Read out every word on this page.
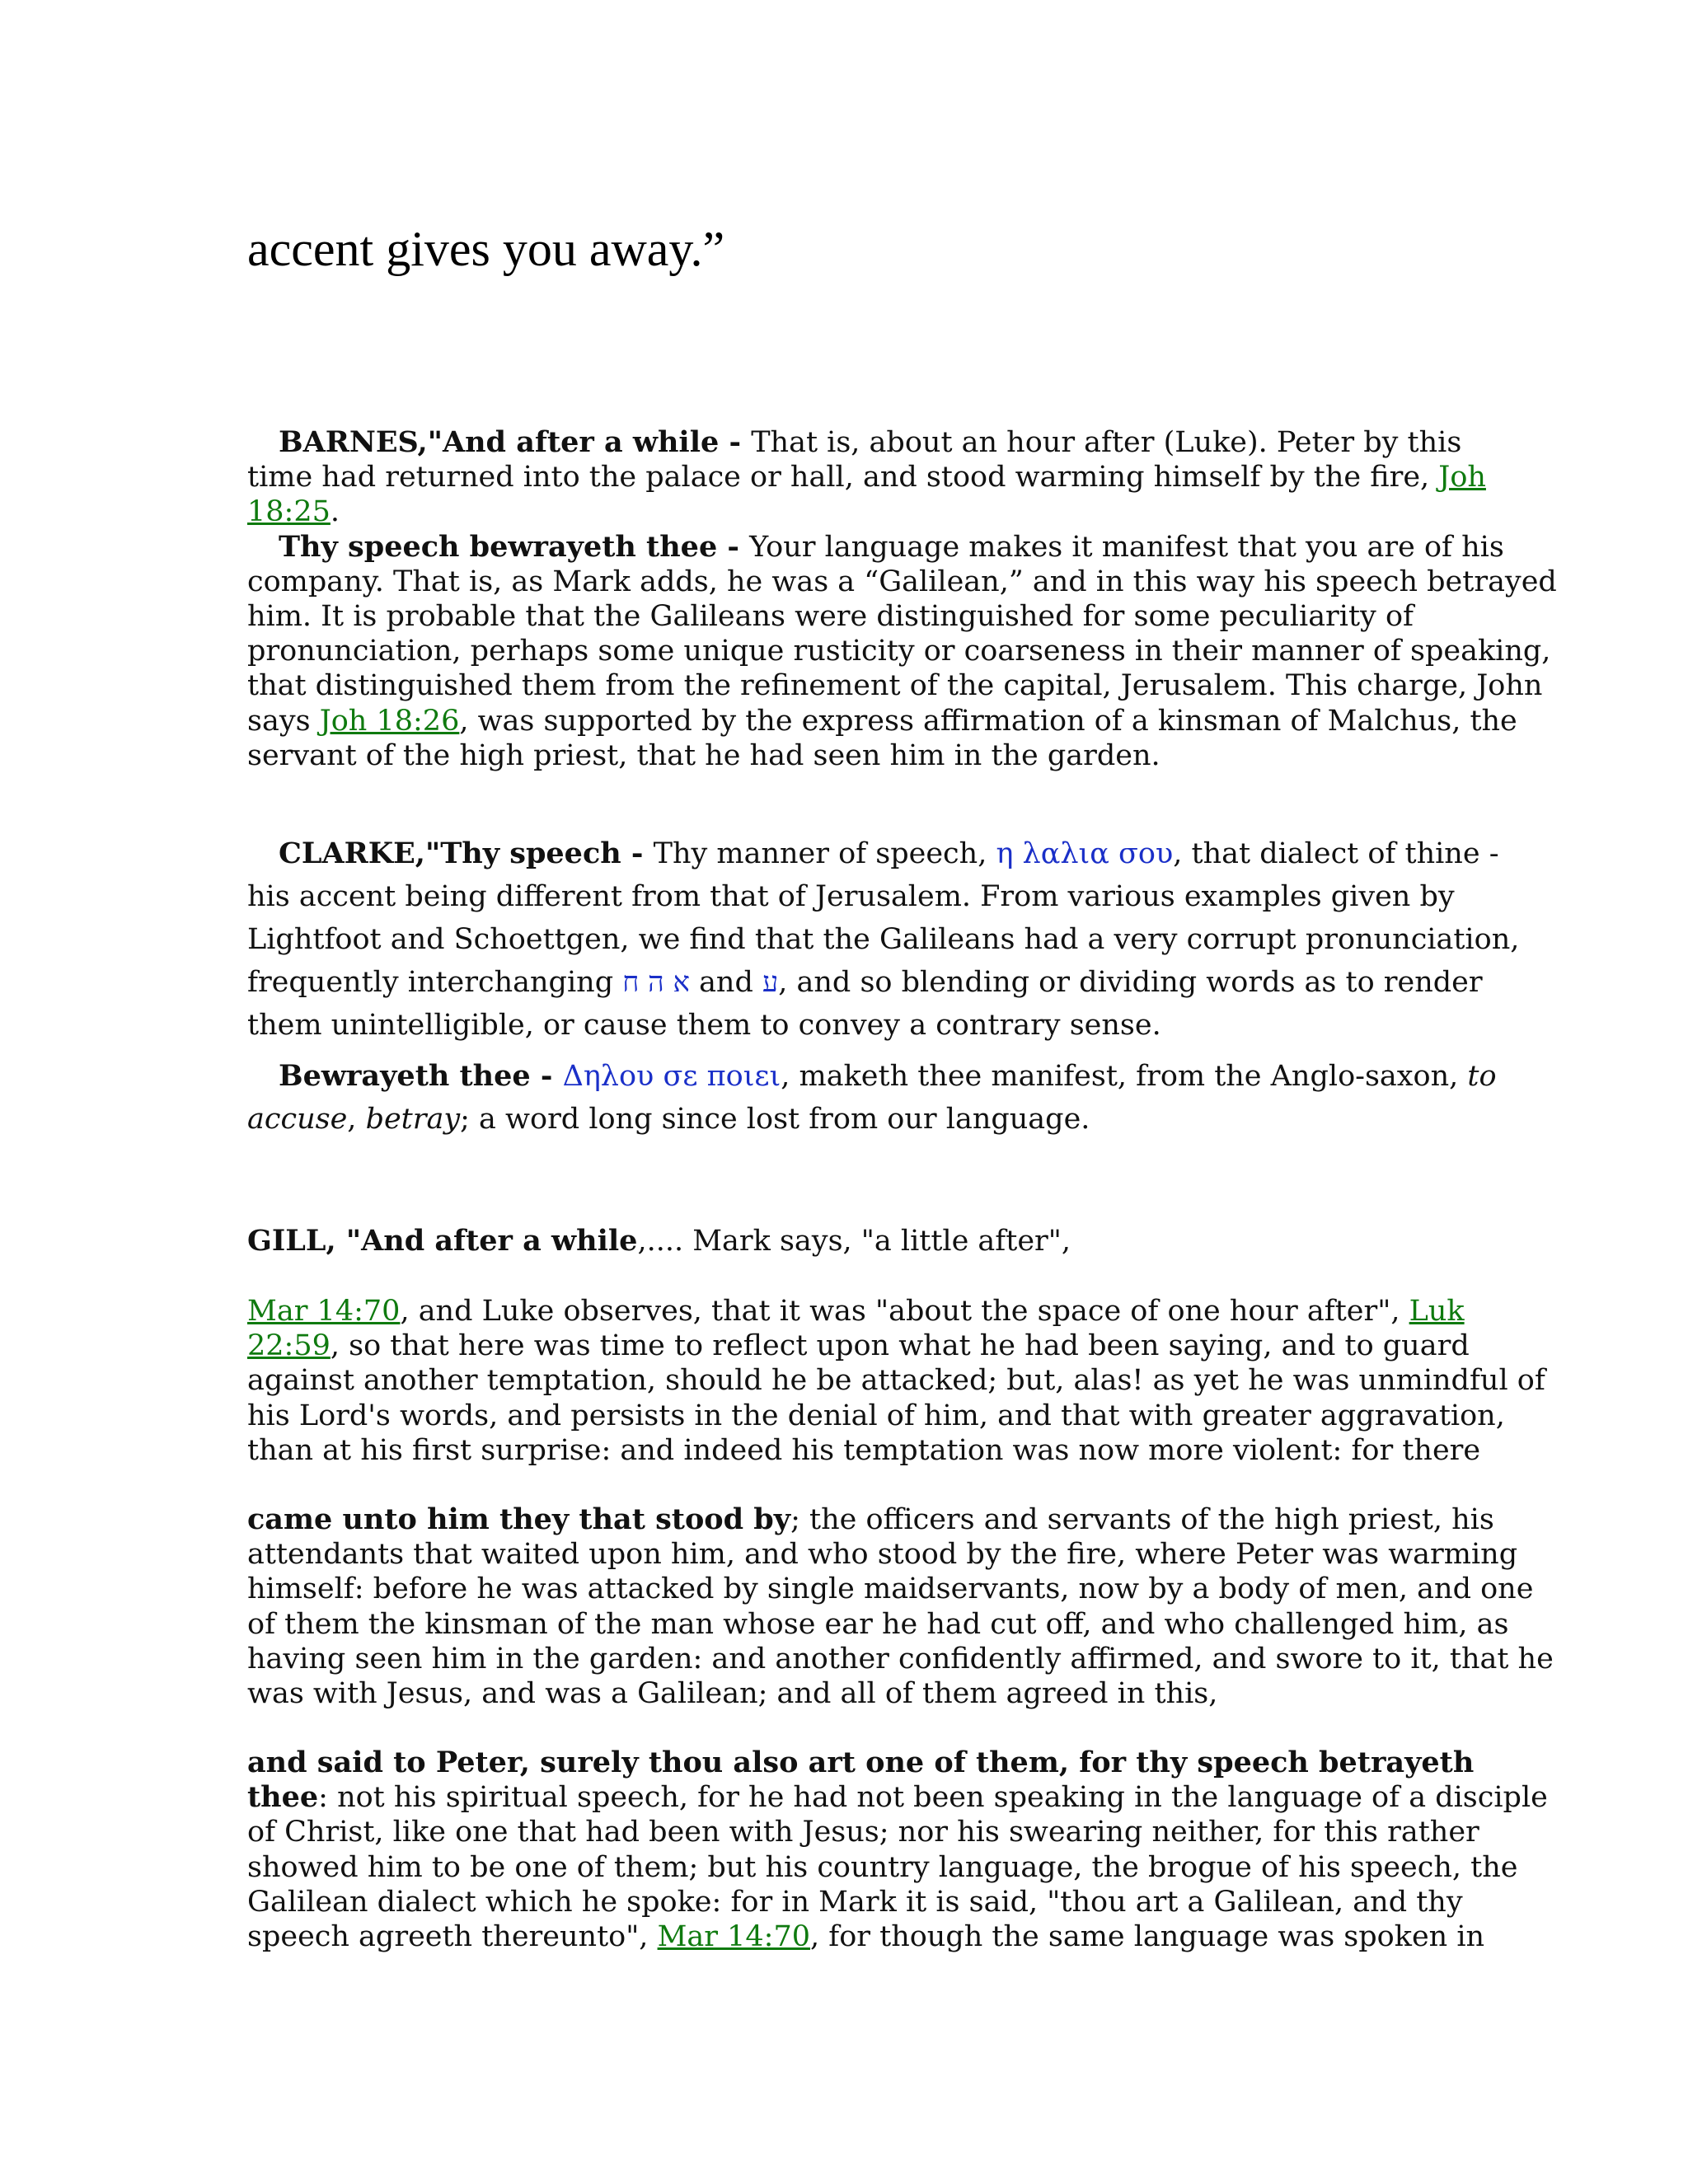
accent gives you away.”

BARNES,"And after a while - That is, about an hour after (Luke). Peter by this
time had returned into the palace or hall, and stood warming himself by the fire, Joh
18:25.

Thy speech bewrayeth thee - Your language makes it manifest that you are of his
company. That is, as Mark adds, he was a “Galilean,” and in this way his speech betrayed
him. It is probable that the Galileans were distinguished for some peculiarity of
pronunciation, perhaps some unique rusticity or coarseness in their manner of speaking,
that distinguished them from the refinement of the capital, Jerusalem. This charge, John
says Joh 18:26, was supported by the express affirmation of a kinsman of Malchus, the
servant of the high priest, that he had seen him in the garden.

CLARKE,"Thy speech - Thy manner of speech, η λαλια σου, that dialect of thine -
his accent being different from that of Jerusalem. From various examples given by
Lightfoot and Schoettgen, we find that the Galileans had a very corrupt pronunciation,
frequently interchanging א ה ח and ע, and so blending or dividing words as to render
them unintelligible, or cause them to convey a contrary sense.

Bewrayeth thee - Δηλου σε ποιει, maketh thee manifest, from the Anglo-saxon, to
accuse, betray; a word long since lost from our language.

GILL, "And after a while,.... Mark says, "a little after",

Mar 14:70, and Luke observes, that it was "about the space of one hour after", Luk
22:59, so that here was time to reflect upon what he had been saying, and to guard
against another temptation, should he be attacked; but, alas! as yet he was unmindful of
his Lord's words, and persists in the denial of him, and that with greater aggravation,
than at his first surprise: and indeed his temptation was now more violent: for there

came unto him they that stood by; the officers and servants of the high priest, his
attendants that waited upon him, and who stood by the fire, where Peter was warming
himself: before he was attacked by single maidservants, now by a body of men, and one
of them the kinsman of the man whose ear he had cut off, and who challenged him, as
having seen him in the garden: and another confidently affirmed, and swore to it, that he
was with Jesus, and was a Galilean; and all of them agreed in this,

and said to Peter, surely thou also art one of them, for thy speech betrayeth
thee: not his spiritual speech, for he had not been speaking in the language of a disciple
of Christ, like one that had been with Jesus; nor his swearing neither, for this rather
showed him to be one of them; but his country language, the brogue of his speech, the
Galilean dialect which he spoke: for in Mark it is said, "thou art a Galilean, and thy
speech agreeth thereunto", Mar 14:70, for though the same language was spoken in
